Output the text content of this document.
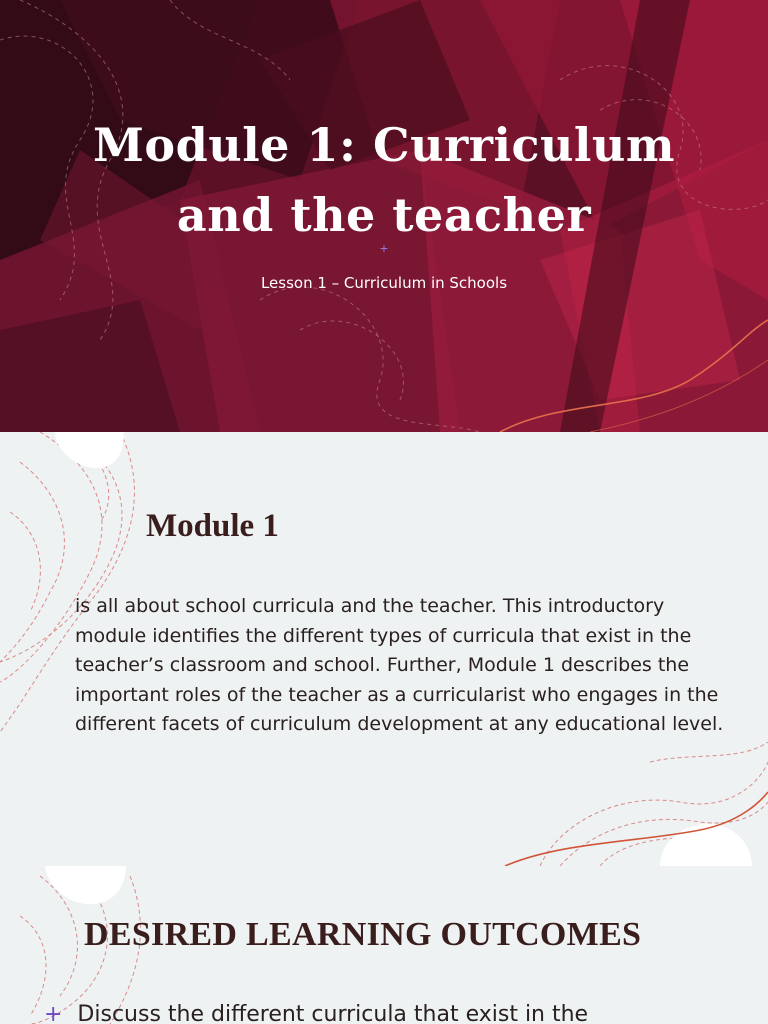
+
Module 1: Curriculum and the teacher
Lesson 1 – Curriculum in Schools
Module 1

is all about school curricula and the teacher. This introductory module identifies the different types of curricula that exist in the teacher’s classroom and school. Further, Module 1 describes the important roles of the teacher as a curricularist who engages in the different facets of curriculum development at any educational level.

DESIRED LEARNING OUTCOMES
+ Discuss the different curricula that exist in the
